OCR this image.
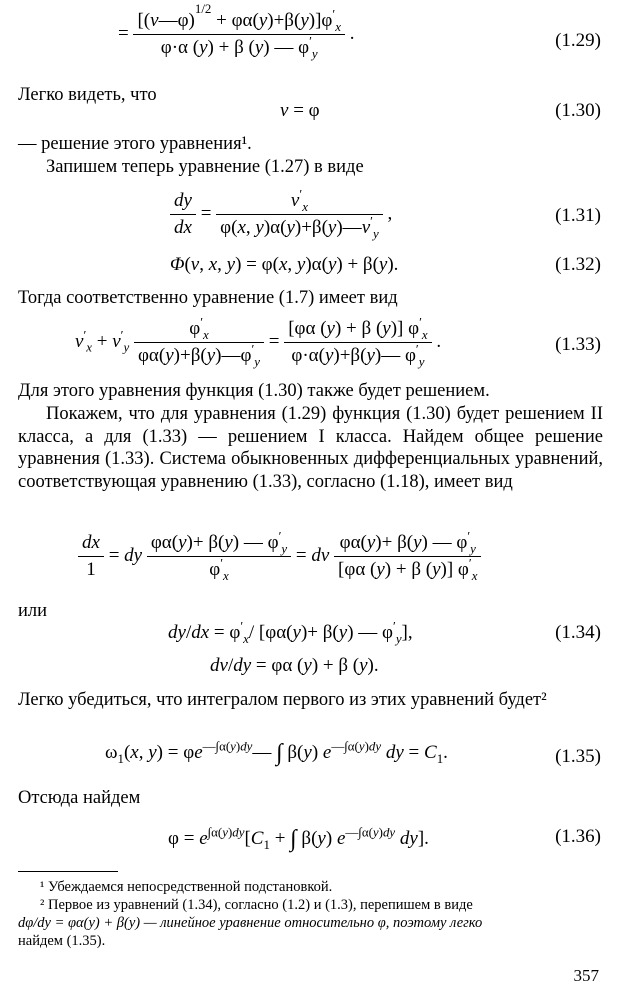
= $\frac{[(v—\varphi)^{1/2} + \varphi\alpha(y)+\beta(y)]\varphi'_x}{\varphi\cdot\alpha (y) + \beta (y) — \varphi'_y}$ .	(1.29)

Легко видеть, что

v = φ	(1.30)

— решение этого уравнения¹.

Запишем теперь уравнение (1.27) в виде

$\frac{dy}{dx} = \frac{v'_x}{\varphi(x, y)\alpha(y)+\beta(y)—v'_y}$ ,	(1.31)
Φ(v, x, y) = φ(x, y)α(y) + β(y).	(1.32)

Тогда соответственно уравнение (1.7) имеет вид

$v'_x + v'_y \frac{\varphi'_x}{\varphi\alpha(y)+\beta(y)—\varphi'_y} = \frac{[\varphi\alpha (y) + \beta (y)] \varphi'_x}{\varphi\cdot\alpha(y)+\beta(y)— \varphi'_y}$ .	(1.33)

Для этого уравнения функция (1.30) также будет решением.

Покажем, что для уравнения (1.29) функция (1.30) будет решением II класса, а для (1.33) — решением I класса. Найдем общее решение уравнения (1.33). Система обыкновенных дифференциальных уравнений, соответствующая уравнению (1.33), согласно (1.18), имеет вид

$\frac{dx}{1}$ = dy $\frac{\varphi\alpha(y)+ \beta(y) — \varphi'_y}{\varphi'_x}$ = dv $\frac{\varphi\alpha(y)+ \beta(y) — \varphi'_y}{[\varphi\alpha (y) + \beta (y)] \varphi'_x}$

или

$dy/dx = \varphi'_x/$ [φα(y)+ β(y) — $\varphi'_y$],	(1.34)
dv/dy = φα (y) + β (y).

Легко убедиться, что интегралом первого из этих уравнений будет²

$\omega_1(x$, $y) = \varphi e^{—\int\alpha(y)dy}—$ ∫ β(y) $e^{—\int\alpha(y)dy}$ dy = $C_1$.	(1.35)

Отсюда найдем

$\varphi = e^{\int\alpha(y)dy}[C_1$ + ∫ β(y) $e^{—\int\alpha(y)dy}$ dy].	(1.36)
¹ Убеждаемся непосредственной подстановкой.
² Первое из уравнений (1.34), согласно (1.2) и (1.3), перепишем в виде
dφ/dy = φα(y) + β(y) — линейное уравнение относительно φ, поэтому легко
найдем (1.35).
357
